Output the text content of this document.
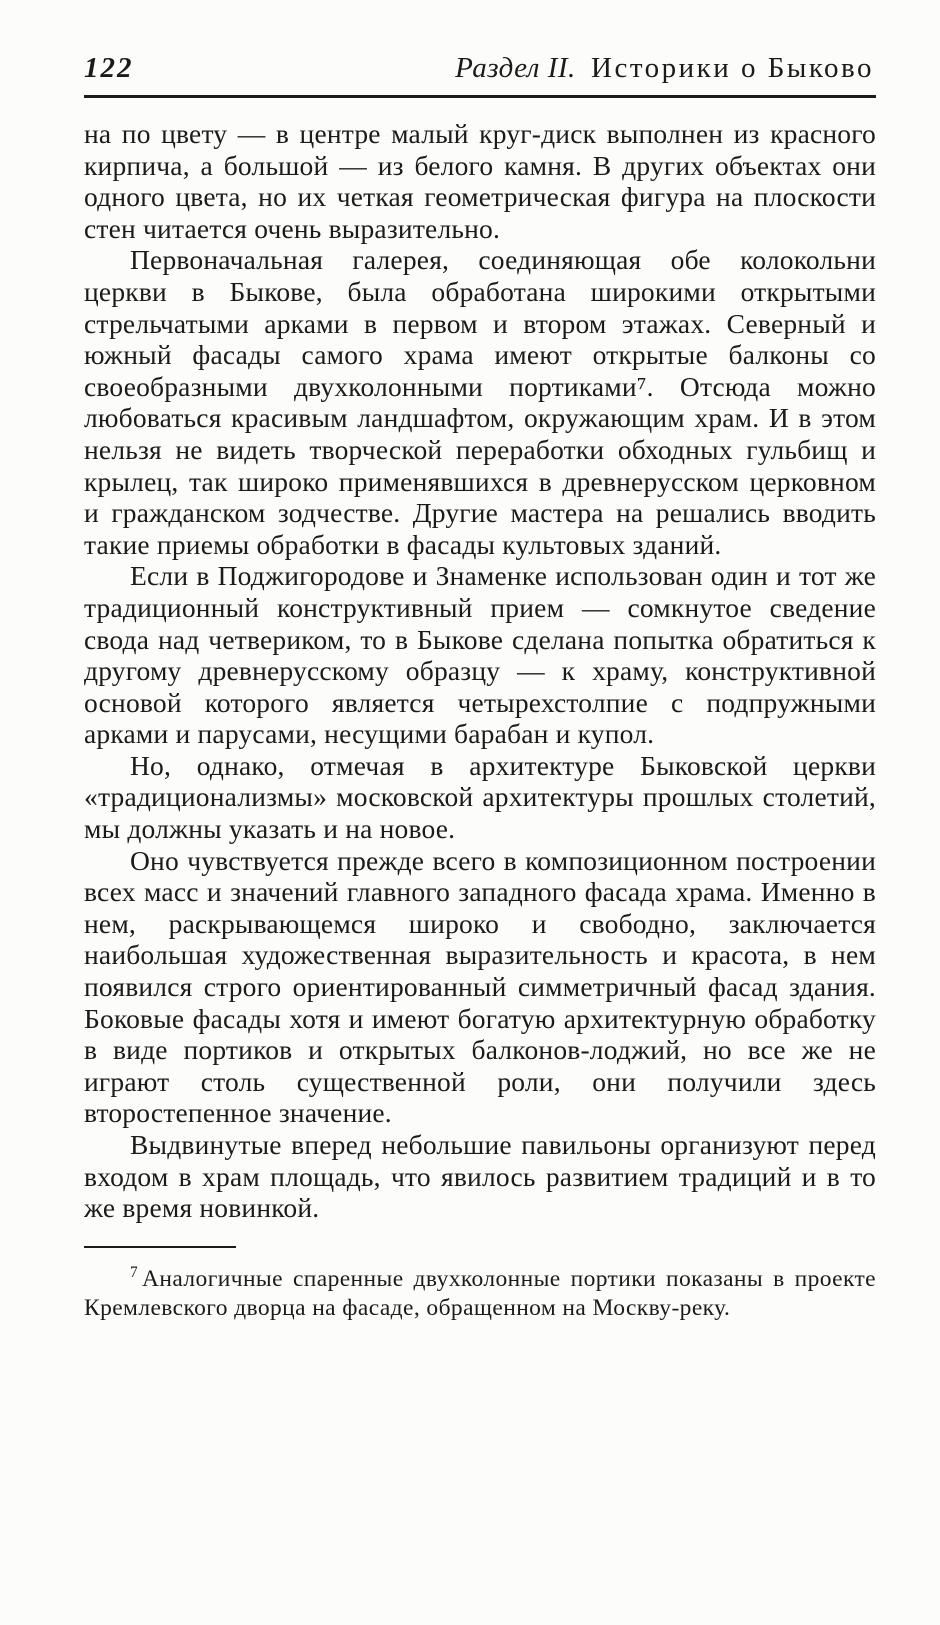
122	Раздел II. Историки о Быково

на по цвету — в центре малый круг-диск выполнен из красного кирпича, а большой — из белого камня. В других объектах они одного цвета, но их четкая геометрическая фигура на плоскости стен читается очень выразительно.

Первоначальная галерея, соединяющая обе колокольни церкви в Быкове, была обработана широкими открытыми стрельчатыми арками в первом и втором этажах. Северный и южный фасады самого храма имеют открытые балконы со своеобразными двухколонными портиками⁷. Отсюда можно любоваться красивым ландшафтом, окружающим храм. И в этом нельзя не видеть творческой переработки обходных гульбищ и крылец, так широко применявшихся в древнерусском церковном и гражданском зодчестве. Другие мастера на решались вводить такие приемы обработки в фасады культовых зданий.

Если в Поджигородове и Знаменке использован один и тот же традиционный конструктивный прием — сомкнутое сведение свода над четвериком, то в Быкове сделана попытка обратиться к другому древнерусскому образцу — к храму, конструктивной основой которого является четырехстолпие с подпружными арками и парусами, несущими барабан и купол.

Но, однако, отмечая в архитектуре Быковской церкви «традиционализмы» московской архитектуры прошлых столетий, мы должны указать и на новое.

Оно чувствуется прежде всего в композиционном построении всех масс и значений главного западного фасада храма. Именно в нем, раскрывающемся широко и свободно, заключается наибольшая художественная выразительность и красота, в нем появился строго ориентированный симметричный фасад здания. Боковые фасады хотя и имеют богатую архитектурную обработку в виде портиков и открытых балконов-лоджий, но все же не играют столь существенной роли, они получили здесь второстепенное значение.

Выдвинутые вперед небольшие павильоны организуют перед входом в храм площадь, что явилось развитием традиций и в то же время новинкой.

$^7$ Аналогичные спаренные двухколонные портики показаны в проекте Кремлевского дворца на фасаде, обращенном на Москву-реку.
